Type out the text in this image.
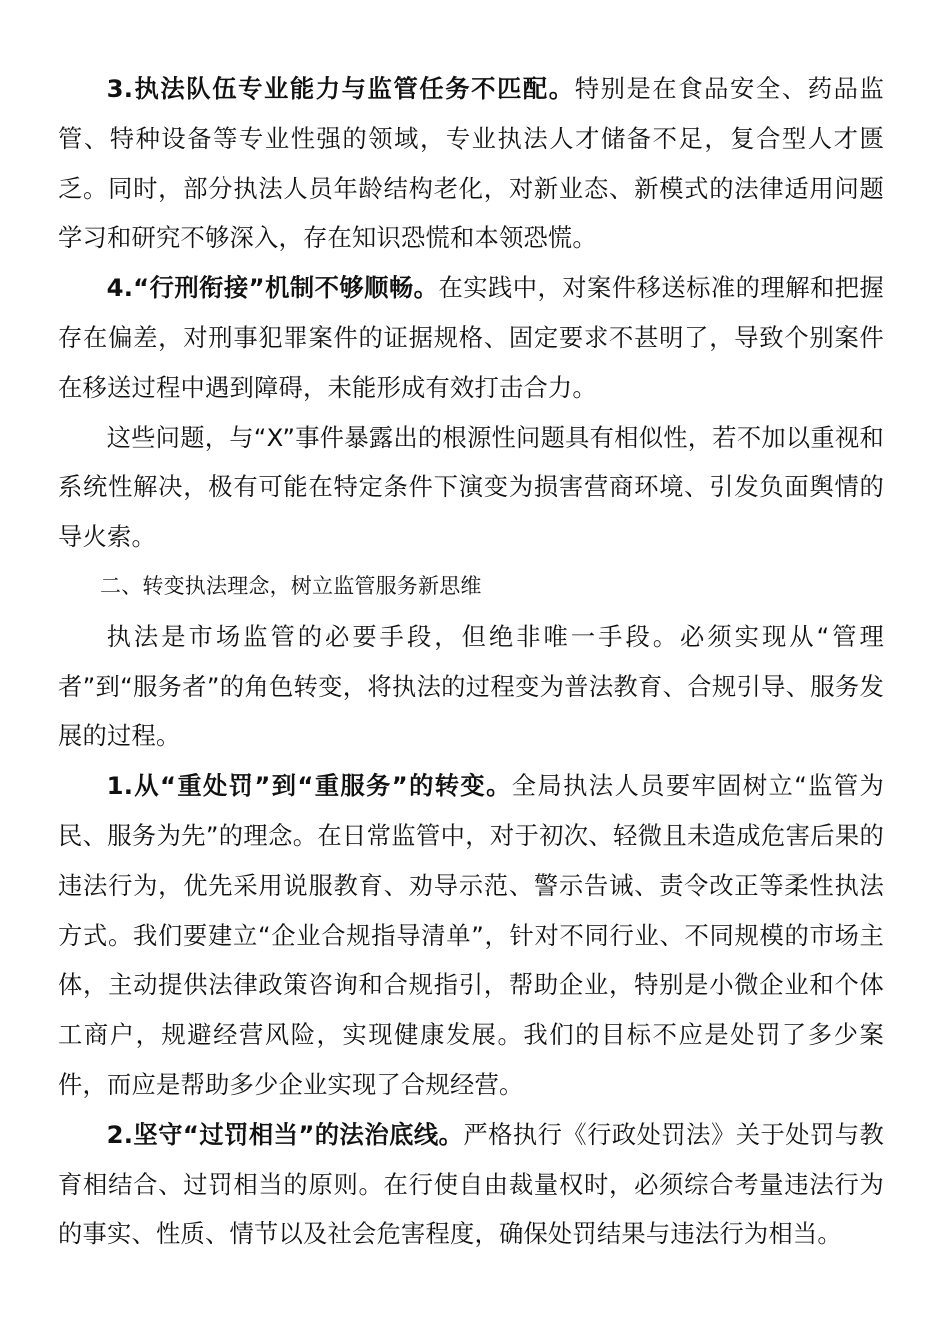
3.执法队伍专业能力与监管任务不匹配。特别是在食品安全、药品监管、特种设备等专业性强的领域，专业执法人才储备不足，复合型人才匮乏。同时，部分执法人员年龄结构老化，对新业态、新模式的法律适用问题学习和研究不够深入，存在知识恐慌和本领恐慌。

4.“行刑衔接”机制不够顺畅。在实践中，对案件移送标准的理解和把握存在偏差，对刑事犯罪案件的证据规格、固定要求不甚明了，导致个别案件在移送过程中遇到障碍，未能形成有效打击合力。

这些问题，与“X”事件暴露出的根源性问题具有相似性，若不加以重视和系统性解决，极有可能在特定条件下演变为损害营商环境、引发负面舆情的导火索。

二、转变执法理念，树立监管服务新思维

执法是市场监管的必要手段，但绝非唯一手段。必须实现从“管理者”到“服务者”的角色转变，将执法的过程变为普法教育、合规引导、服务发展的过程。

1.从“重处罚”到“重服务”的转变。全局执法人员要牢固树立“监管为民、服务为先”的理念。在日常监管中，对于初次、轻微且未造成危害后果的违法行为，优先采用说服教育、劝导示范、警示告诫、责令改正等柔性执法方式。我们要建立“企业合规指导清单”，针对不同行业、不同规模的市场主体，主动提供法律政策咨询和合规指引，帮助企业，特别是小微企业和个体工商户，规避经营风险，实现健康发展。我们的目标不应是处罚了多少案件，而应是帮助多少企业实现了合规经营。

2.坚守“过罚相当”的法治底线。严格执行《行政处罚法》关于处罚与教育相结合、过罚相当的原则。在行使自由裁量权时，必须综合考量违法行为的事实、性质、情节以及社会危害程度，确保处罚结果与违法行为相当。
